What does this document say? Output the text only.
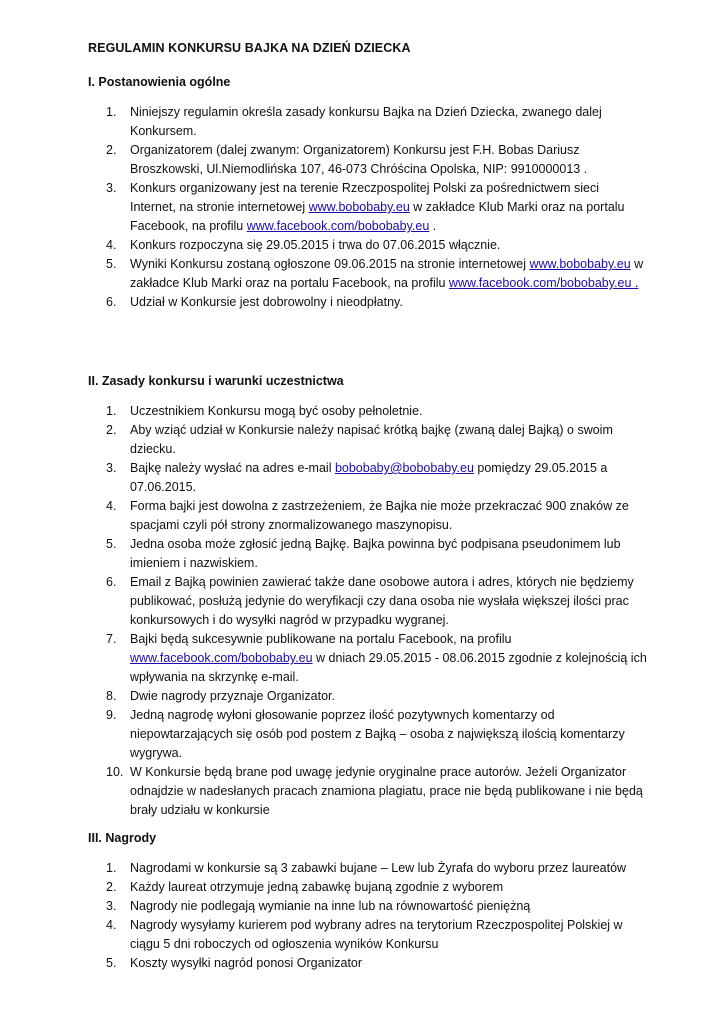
REGULAMIN KONKURSU BAJKA NA DZIEŃ DZIECKA
I. Postanowienia ogólne
1. Niniejszy regulamin określa zasady konkursu Bajka na Dzień Dziecka, zwanego dalej Konkursem.
2. Organizatorem (dalej zwanym: Organizatorem) Konkursu jest F.H. Bobas Dariusz Broszkowski, Ul.Niemodlińska 107, 46-073 Chróścina Opolska, NIP: 9910000013 .
3. Konkurs organizowany jest na terenie Rzeczpospolitej Polski za pośrednictwem sieci Internet, na stronie internetowej www.bobobaby.eu w zakładce Klub Marki oraz na portalu Facebook, na profilu www.facebook.com/bobobaby.eu .
4. Konkurs rozpoczyna się 29.05.2015 i trwa do 07.06.2015 włącznie.
5. Wyniki Konkursu zostaną ogłoszone 09.06.2015 na stronie internetowej www.bobobaby.eu w zakładce Klub Marki oraz na portalu Facebook, na profilu www.facebook.com/bobobaby.eu .
6. Udział w Konkursie jest dobrowolny i nieodpłatny.
II. Zasady konkursu i warunki uczestnictwa
1. Uczestnikiem Konkursu mogą być osoby pełnoletnie.
2. Aby wziąć udział w Konkursie należy napisać krótką bajkę (zwaną dalej Bajką) o swoim dziecku.
3. Bajkę należy wysłać na adres e-mail bobobaby@bobobaby.eu pomiędzy 29.05.2015 a 07.06.2015.
4. Forma bajki jest dowolna z zastrzeżeniem, że Bajka nie może przekraczać 900 znaków ze spacjami czyli pół strony znormalizowanego maszynopisu.
5. Jedna osoba może zgłosić jedną Bajkę. Bajka powinna być podpisana pseudonimem lub imieniem i nazwiskiem.
6. Email z Bajką powinien zawierać także dane osobowe autora i adres, których nie będziemy publikować, posłużą jedynie do weryfikacji czy dana osoba nie wysłała większej ilości prac konkursowych i do wysyłki nagród w przypadku wygranej.
7. Bajki będą sukcesywnie publikowane na portalu Facebook, na profilu www.facebook.com/bobobaby.eu w dniach 29.05.2015 - 08.06.2015 zgodnie z kolejnością ich wpływania na skrzynkę e-mail.
8. Dwie nagrody przyznaje Organizator.
9. Jedną nagrodę wyłoni głosowanie poprzez ilość pozytywnych komentarzy od niepowtarzających się osób pod postem z Bajką – osoba z największą ilością komentarzy wygrywa.
10. W Konkursie będą brane pod uwagę jedynie oryginalne prace autorów. Jeżeli Organizator odnajdzie w nadesłanych pracach znamiona plagiatu, prace nie będą publikowane i nie będą brały udziału w konkursie
III. Nagrody
1. Nagrodami w konkursie są 3 zabawki bujane – Lew lub Żyrafa do wyboru przez laureatów
2. Każdy laureat otrzymuje jedną zabawkę bujaną zgodnie z wyborem
3. Nagrody nie podlegają wymianie na inne lub na równowartość pieniężną
4. Nagrody wysyłamy kurierem pod wybrany adres na terytorium Rzeczpospolitej Polskiej w ciągu 5 dni roboczych od ogłoszenia wyników Konkursu
5. Koszty wysyłki nagród ponosi Organizator
